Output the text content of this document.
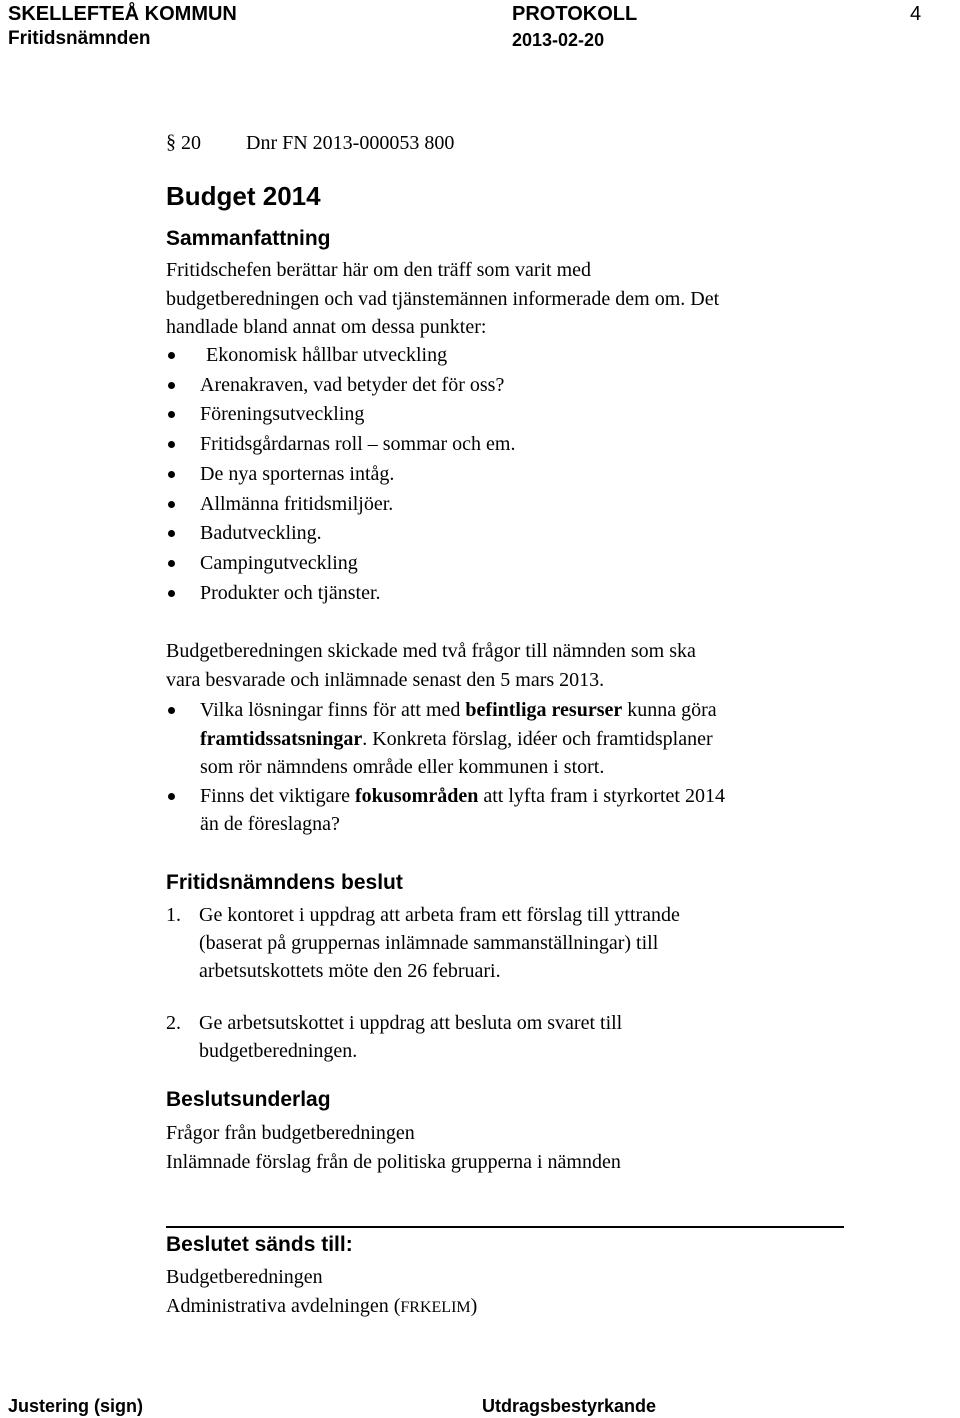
SKELLEFTEÅ KOMMUN	PROTOKOLL	4
Fritidsnämnden	2013-02-20
§ 20 Dnr FN 2013-000053 800
Budget 2014
Sammanfattning
Fritidschefen berättar här om den träff som varit med
budgetberedningen och vad tjänstemännen informerade dem om. Det
handlade bland annat om dessa punkter:
Ekonomisk hållbar utveckling
Arenakraven, vad betyder det för oss?
Föreningsutveckling
Fritidsgårdarnas roll – sommar och em.
De nya sporternas intåg.
Allmänna fritidsmiljöer.
Badutveckling.
Campingutveckling
Produkter och tjänster.
Budgetberedningen skickade med två frågor till nämnden som ska
vara besvarade och inlämnade senast den 5 mars 2013.
Vilka lösningar finns för att med befintliga resurser kunna göra
framtidssatsningar. Konkreta förslag, idéer och framtidsplaner
som rör nämndens område eller kommunen i stort.
Finns det viktigare fokusområden att lyfta fram i styrkortet 2014
än de föreslagna?
Fritidsnämndens beslut
1. Ge kontoret i uppdrag att arbeta fram ett förslag till yttrande
(baserat på gruppernas inlämnade sammanställningar) till
arbetsutskottets möte den 26 februari.
2. Ge arbetsutskottet i uppdrag att besluta om svaret till
budgetberedningen.
Beslutsunderlag
Frågor från budgetberedningen
Inlämnade förslag från de politiska grupperna i nämnden
Beslutet sänds till:
Budgetberedningen
Administrativa avdelningen (FRKELIM)
Justering (sign)	Utdragsbestyrkande
